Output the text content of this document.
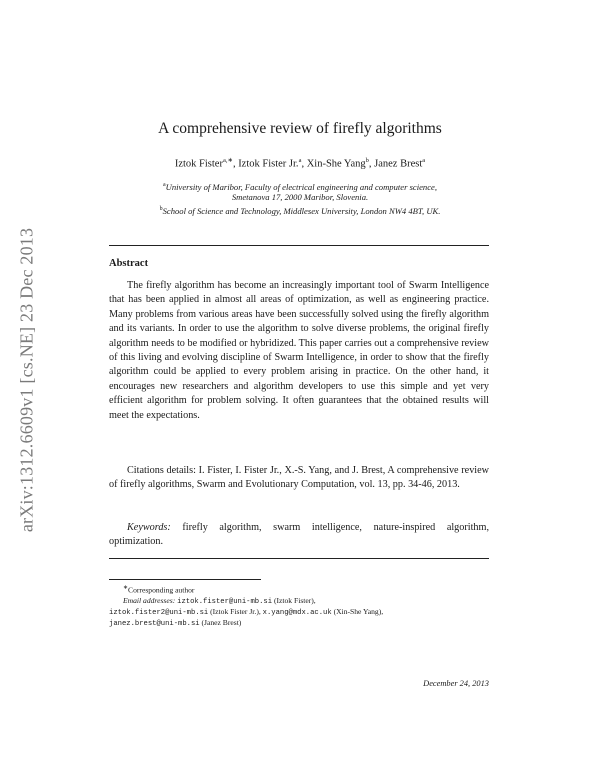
arXiv:1312.6609v1 [cs.NE] 23 Dec 2013
A comprehensive review of firefly algorithms
Iztok Fister$^{a,∗}$, Iztok Fister Jr.$^a$, Xin-She Yang$^b$, Janez Brest$^a$
$^a$University of Maribor, Faculty of electrical engineering and computer science,
Smetanova 17, 2000 Maribor, Slovenia.
$^b$School of Science and Technology, Middlesex University, London NW4 4BT, UK.
Abstract
The firefly algorithm has become an increasingly important tool of Swarm Intelligence that has been applied in almost all areas of optimization, as well as engineering practice. Many problems from various areas have been successfully solved using the firefly algorithm and its variants. In order to use the algorithm to solve diverse problems, the original firefly algorithm needs to be modified or hybridized. This paper carries out a comprehensive review of this living and evolving discipline of Swarm Intelligence, in order to show that the firefly algorithm could be applied to every problem arising in practice. On the other hand, it encourages new researchers and algorithm developers to use this simple and yet very efficient algorithm for problem solving. It often guarantees that the obtained results will meet the expectations.
Citations details: I. Fister, I. Fister Jr., X.-S. Yang, and J. Brest, A comprehensive review of firefly algorithms, Swarm and Evolutionary Computation, vol. 13, pp. 34-46, 2013.
Keywords: firefly algorithm, swarm intelligence, nature-inspired algorithm, optimization.
∗Corresponding author
Email addresses: iztok.fister@uni-mb.si (Iztok Fister),
iztok.fister2@uni-mb.si (Iztok Fister Jr.), x.yang@mdx.ac.uk (Xin-She Yang),
janez.brest@uni-mb.si (Janez Brest)
December 24, 2013
